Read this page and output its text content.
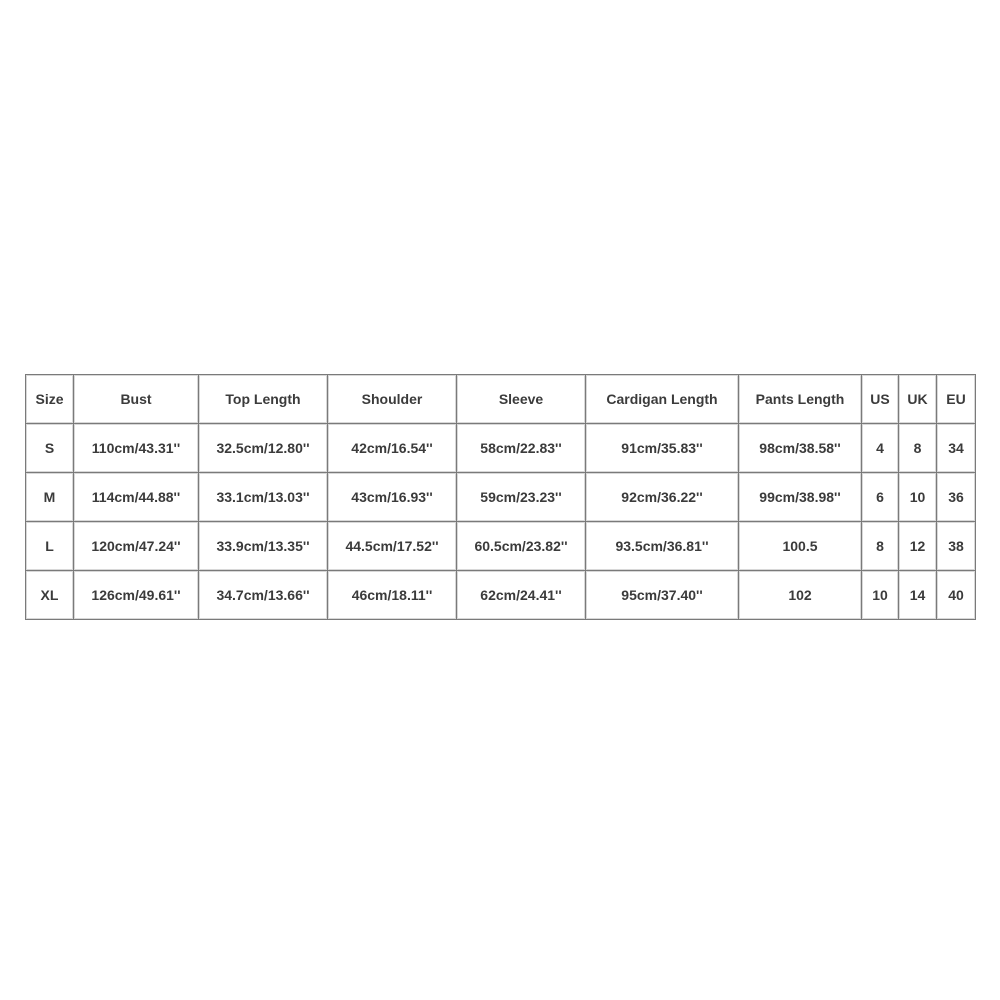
Size	Bust	Top Length	Shoulder	Sleeve	Cardigan Length	Pants Length	US	UK	EU
S	110cm/43.31''	32.5cm/12.80''	42cm/16.54''	58cm/22.83''	91cm/35.83''	98cm/38.58''	4	8	34
M	114cm/44.88''	33.1cm/13.03''	43cm/16.93''	59cm/23.23''	92cm/36.22''	99cm/38.98''	6	10	36
L	120cm/47.24''	33.9cm/13.35''	44.5cm/17.52''	60.5cm/23.82''	93.5cm/36.81''	100.5	8	12	38
XL	126cm/49.61''	34.7cm/13.66''	46cm/18.11''	62cm/24.41''	95cm/37.40''	102	10	14	40
